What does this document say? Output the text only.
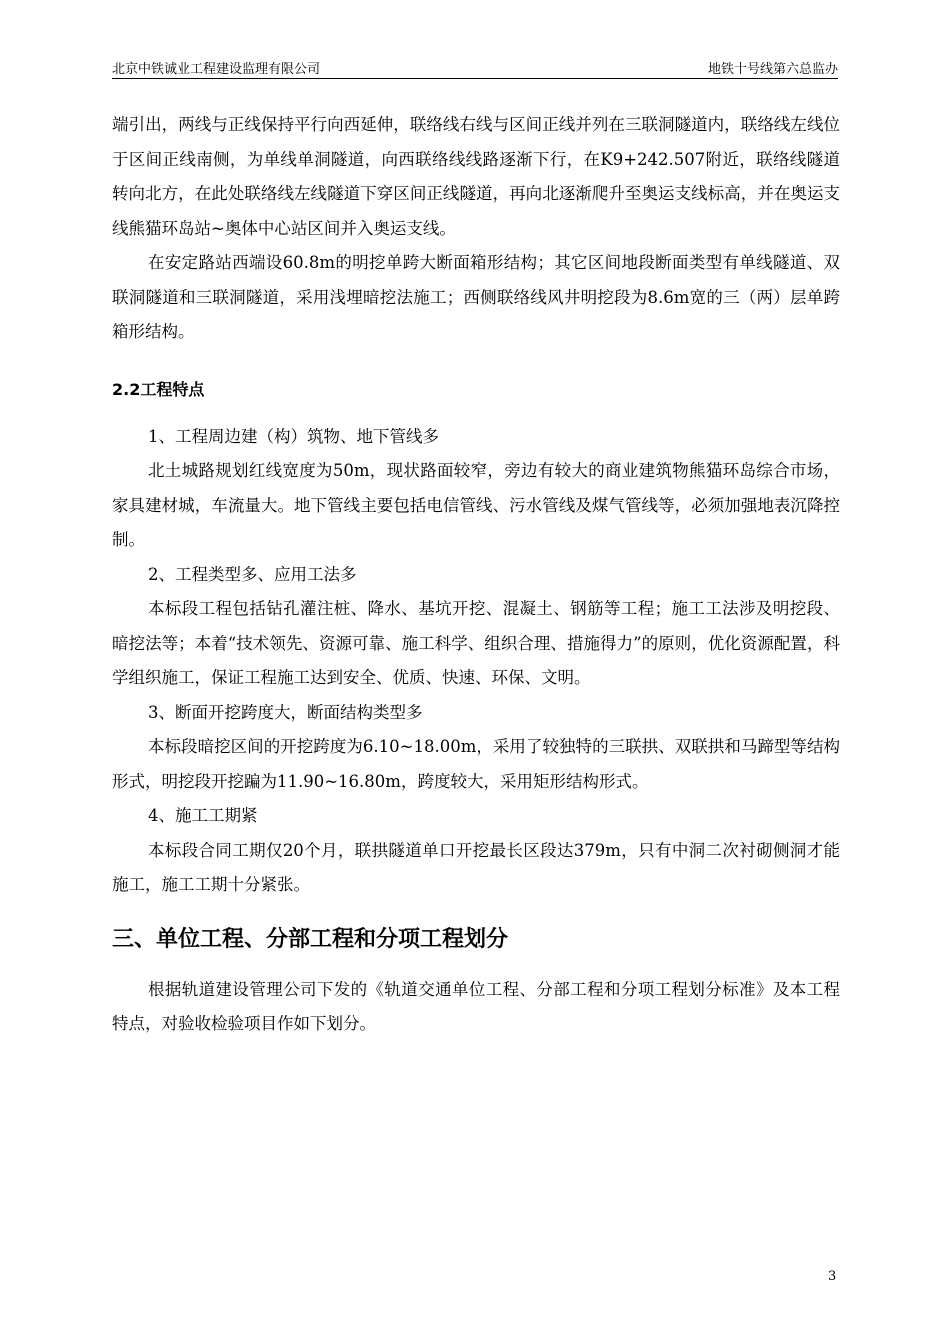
北京中铁诚业工程建设监理有限公司	地铁十号线第六总监办

端引出，两线与正线保持平行向西延伸，联络线右线与区间正线并列在三联洞隧道内，联络线左线位于区间正线南侧，为单线单洞隧道，向西联络线线路逐渐下行，在K9+242.507附近，联络线隧道转向北方，在此处联络线左线隧道下穿区间正线隧道，再向北逐渐爬升至奥运支线标高，并在奥运支线熊猫环岛站~奥体中心站区间并入奥运支线。

在安定路站西端设60.8m的明挖单跨大断面箱形结构；其它区间地段断面类型有单线隧道、双联洞隧道和三联洞隧道，采用浅埋暗挖法施工；西侧联络线风井明挖段为8.6m宽的三（两）层单跨箱形结构。

2.2工程特点

1、工程周边建（构）筑物、地下管线多

北土城路规划红线宽度为50m，现状路面较窄，旁边有较大的商业建筑物熊猫环岛综合市场，家具建材城，车流量大。地下管线主要包括电信管线、污水管线及煤气管线等，必须加强地表沉降控制。

2、工程类型多、应用工法多

本标段工程包括钻孔灌注桩、降水、基坑开挖、混凝土、钢筋等工程；施工工法涉及明挖段、暗挖法等；本着“技术领先、资源可靠、施工科学、组织合理、措施得力”的原则，优化资源配置，科学组织施工，保证工程施工达到安全、优质、快速、环保、文明。

3、断面开挖跨度大，断面结构类型多

本标段暗挖区间的开挖跨度为6.10~18.00m，采用了较独特的三联拱、双联拱和马蹄型等结构形式，明挖段开挖蹁为11.90~16.80m，跨度较大，采用矩形结构形式。

4、施工工期紧

本标段合同工期仅20个月，联拱隧道单口开挖最长区段达379m，只有中洞二次衬砌侧洞才能施工，施工工期十分紧张。

三、单位工程、分部工程和分项工程划分

根据轨道建设管理公司下发的《轨道交通单位工程、分部工程和分项工程划分标准》及本工程特点，对验收检验项目作如下划分。

3
